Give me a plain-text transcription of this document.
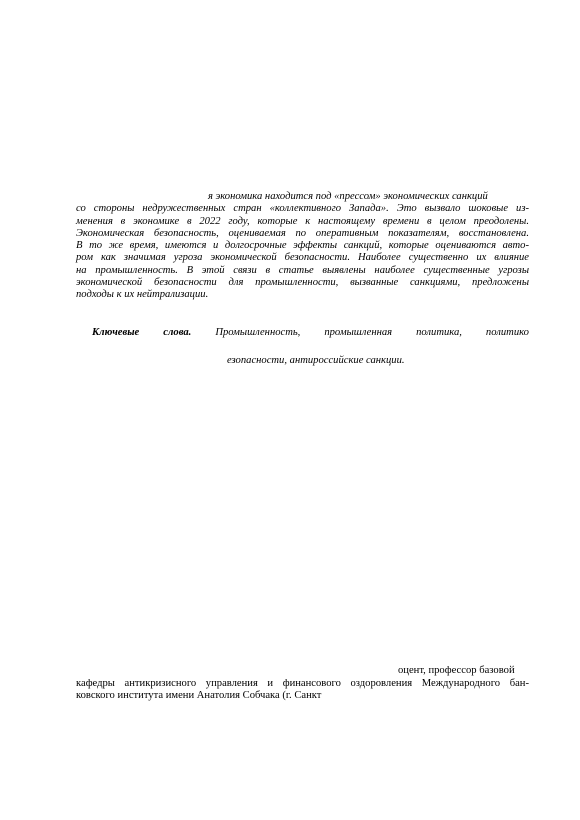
я экономика находится под «прессом» экономических санкций
со стороны недружественных стран «коллективного Запада». Это вызвало шоковые из-
менения в экономике в 2022 году, которые к настоящему времени в целом преодолены.
Экономическая безопасность, оцениваемая по оперативным показателям, восстановлена.
В то же время, имеются и долгосрочные эффекты санкций, которые оцениваются авто-
ром как значимая угроза экономической безопасности. Наиболее существенно их влияние
на промышленность. В этой связи в статье выявлены наиболее существенные угрозы
экономической безопасности для промышленности, вызванные санкциями, предложены
подходы к их нейтрализации.
Ключевые слова. Промышленность, промышленная политика, политико
езопасности, антироссийские санкции.
оцент, профессор базовой
кафедры антикризисного управления и финансового оздоровления Международного бан-
ковского института имени Анатолия Собчака (г. Санкт
